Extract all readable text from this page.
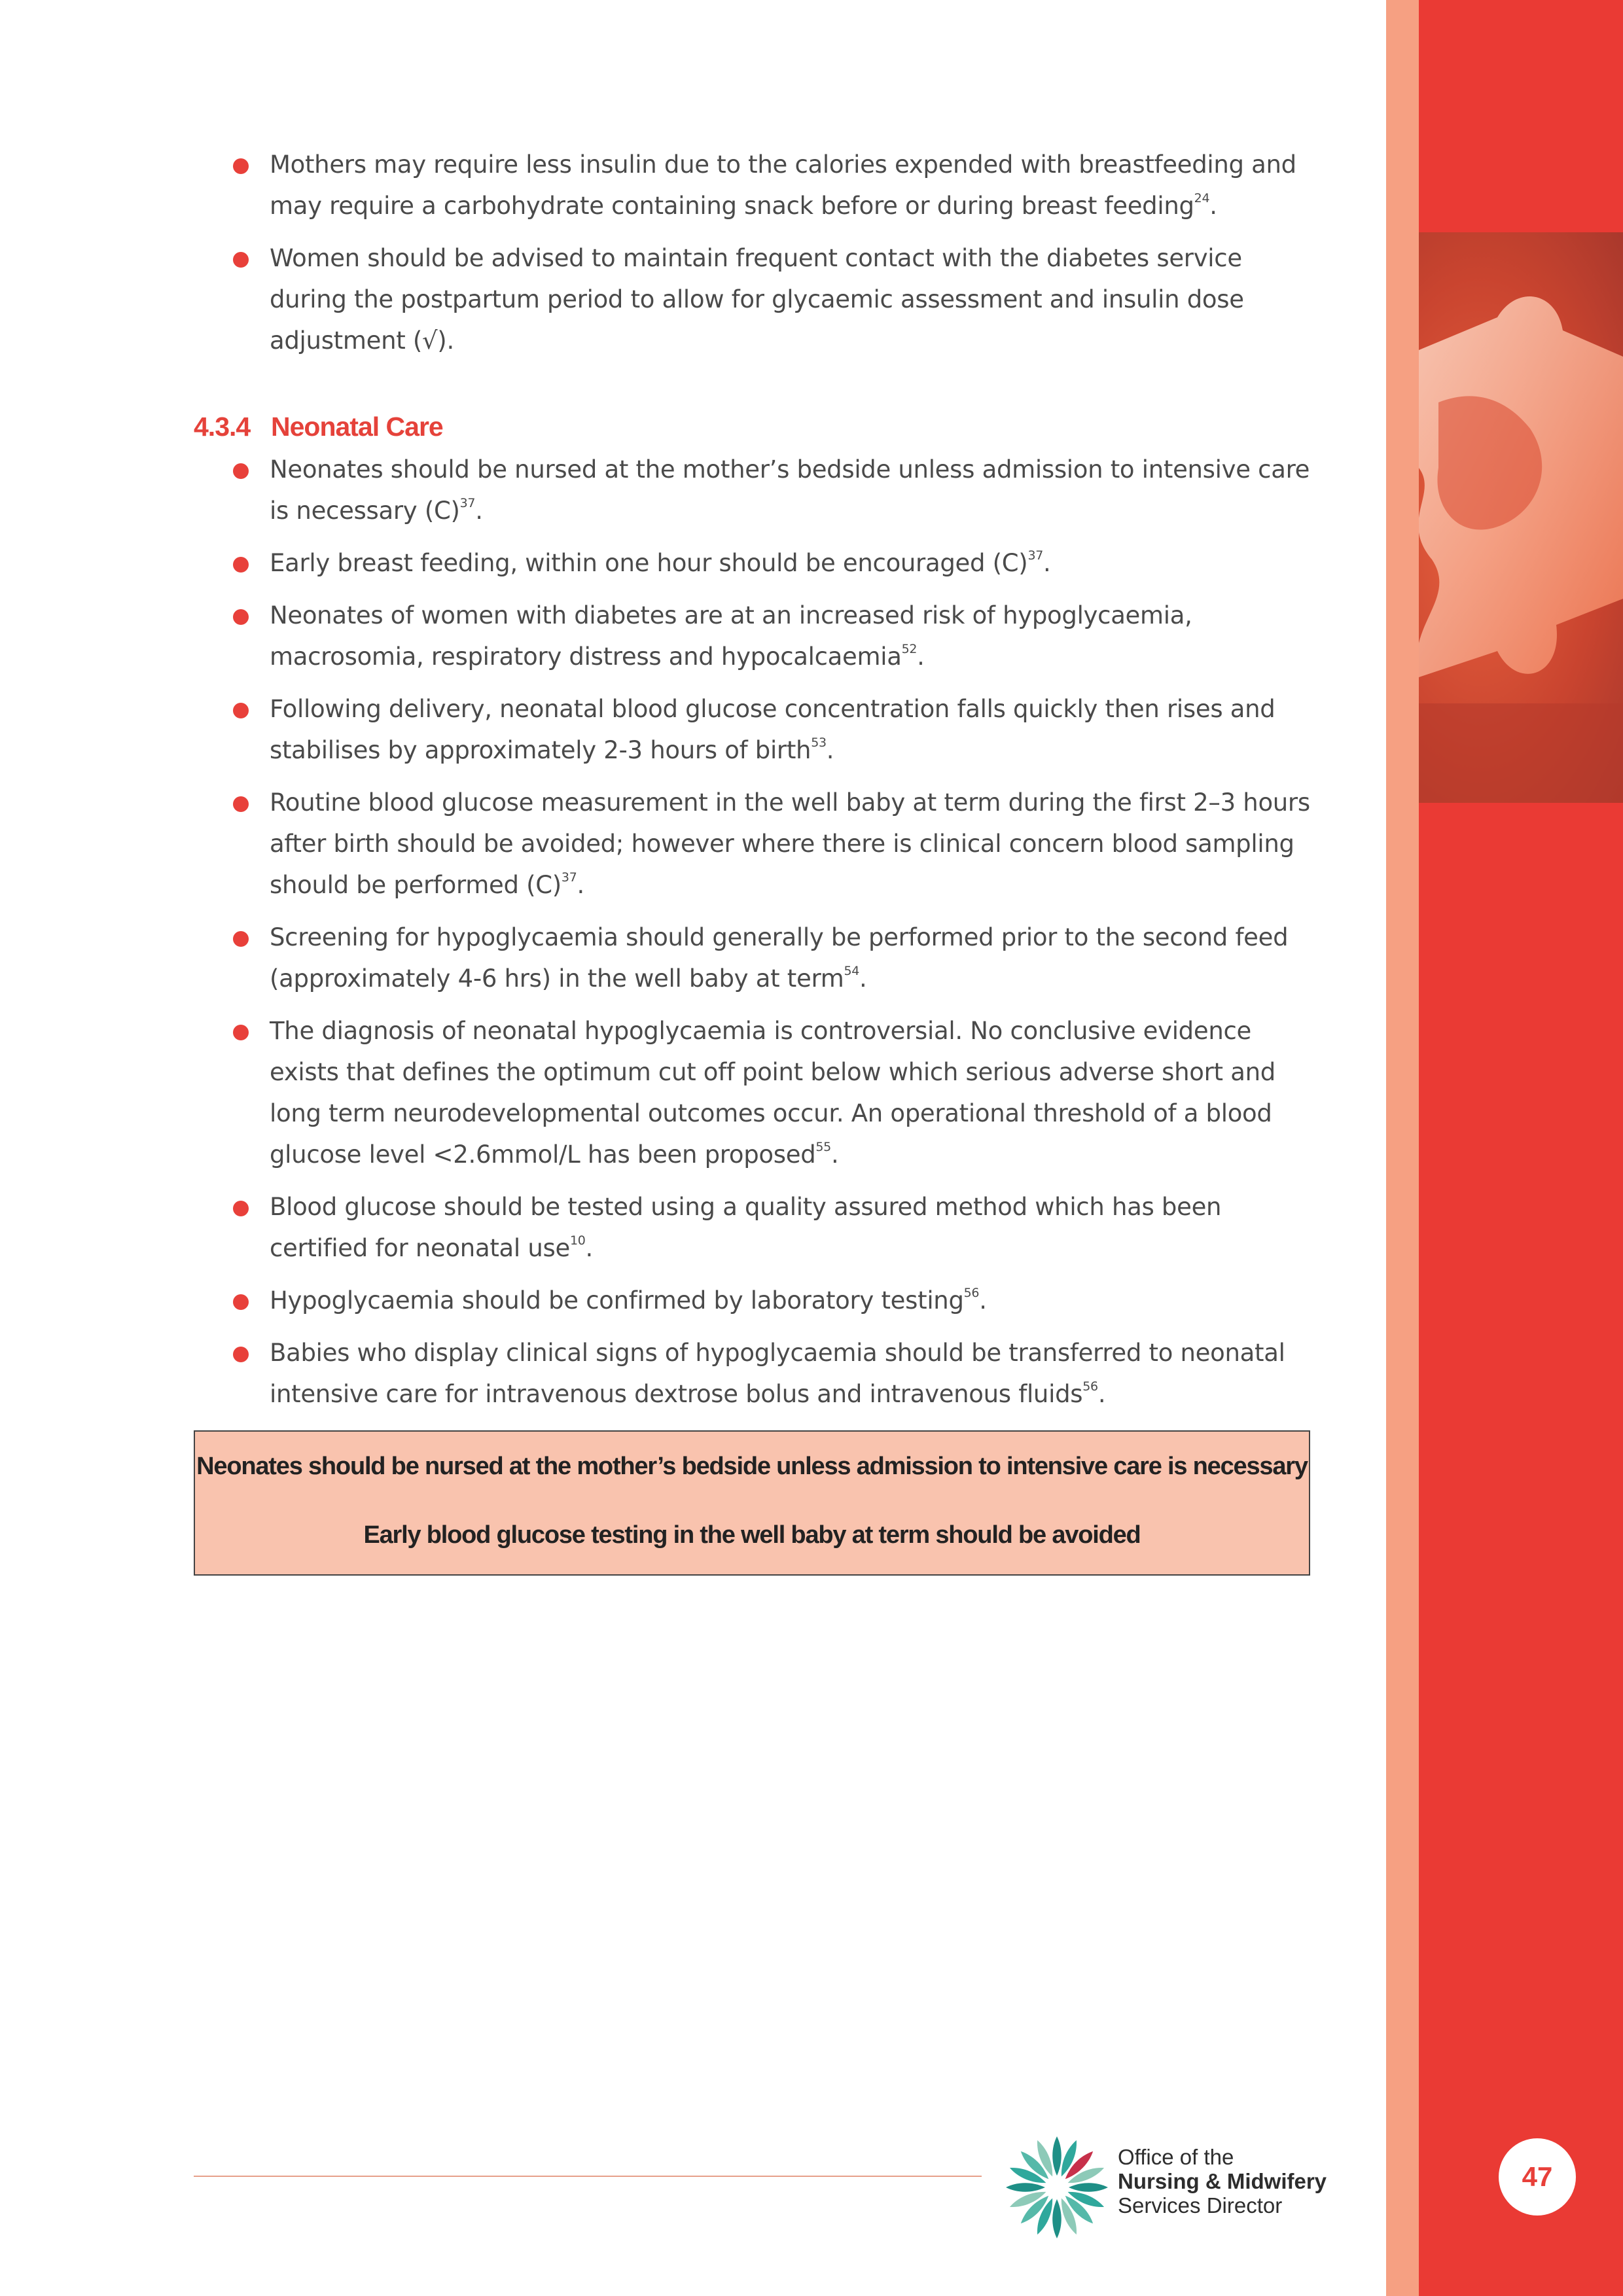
Mothers may require less insulin due to the calories expended with breastfeeding and may require a carbohydrate containing snack before or during breast feeding$^{24}$.
Women should be advised to maintain frequent contact with the diabetes service during the postpartum period to allow for glycaemic assessment and insulin dose adjustment (√).
4.3.4 Neonatal Care
Neonates should be nursed at the mother’s bedside unless admission to intensive care is necessary $(C)^{37}$.
Early breast feeding, within one hour should be encouraged $(C)^{37}$.
Neonates of women with diabetes are at an increased risk of hypoglycaemia, macrosomia, respiratory distress and hypocalcaemia$^{52}$.
Following delivery, neonatal blood glucose concentration falls quickly then rises and stabilises by approximately 2-3 hours of birth$^{53}$.
Routine blood glucose measurement in the well baby at term during the first 2–3 hours after birth should be avoided; however where there is clinical concern blood sampling should be performed $(C)^{37}$.
Screening for hypoglycaemia should generally be performed prior to the second feed (approximately 4-6 hrs) in the well baby at term$^{54}$.
The diagnosis of neonatal hypoglycaemia is controversial. No conclusive evidence exists that defines the optimum cut off point below which serious adverse short and long term neurodevelopmental outcomes occur. An operational threshold of a blood glucose level <2.6mmol/L has been proposed$^{55}$.
Blood glucose should be tested using a quality assured method which has been certified for neonatal use$^{10}$.
Hypoglycaemia should be confirmed by laboratory testing$^{56}$.
Babies who display clinical signs of hypoglycaemia should be transferred to neonatal intensive care for intravenous dextrose bolus and intravenous fluids$^{56}$.

Neonates should be nursed at the mother’s bedside unless admission to intensive care is necessary

Early blood glucose testing in the well baby at term should be avoided

Office of the
Nursing & Midwifery
Services Director
47
